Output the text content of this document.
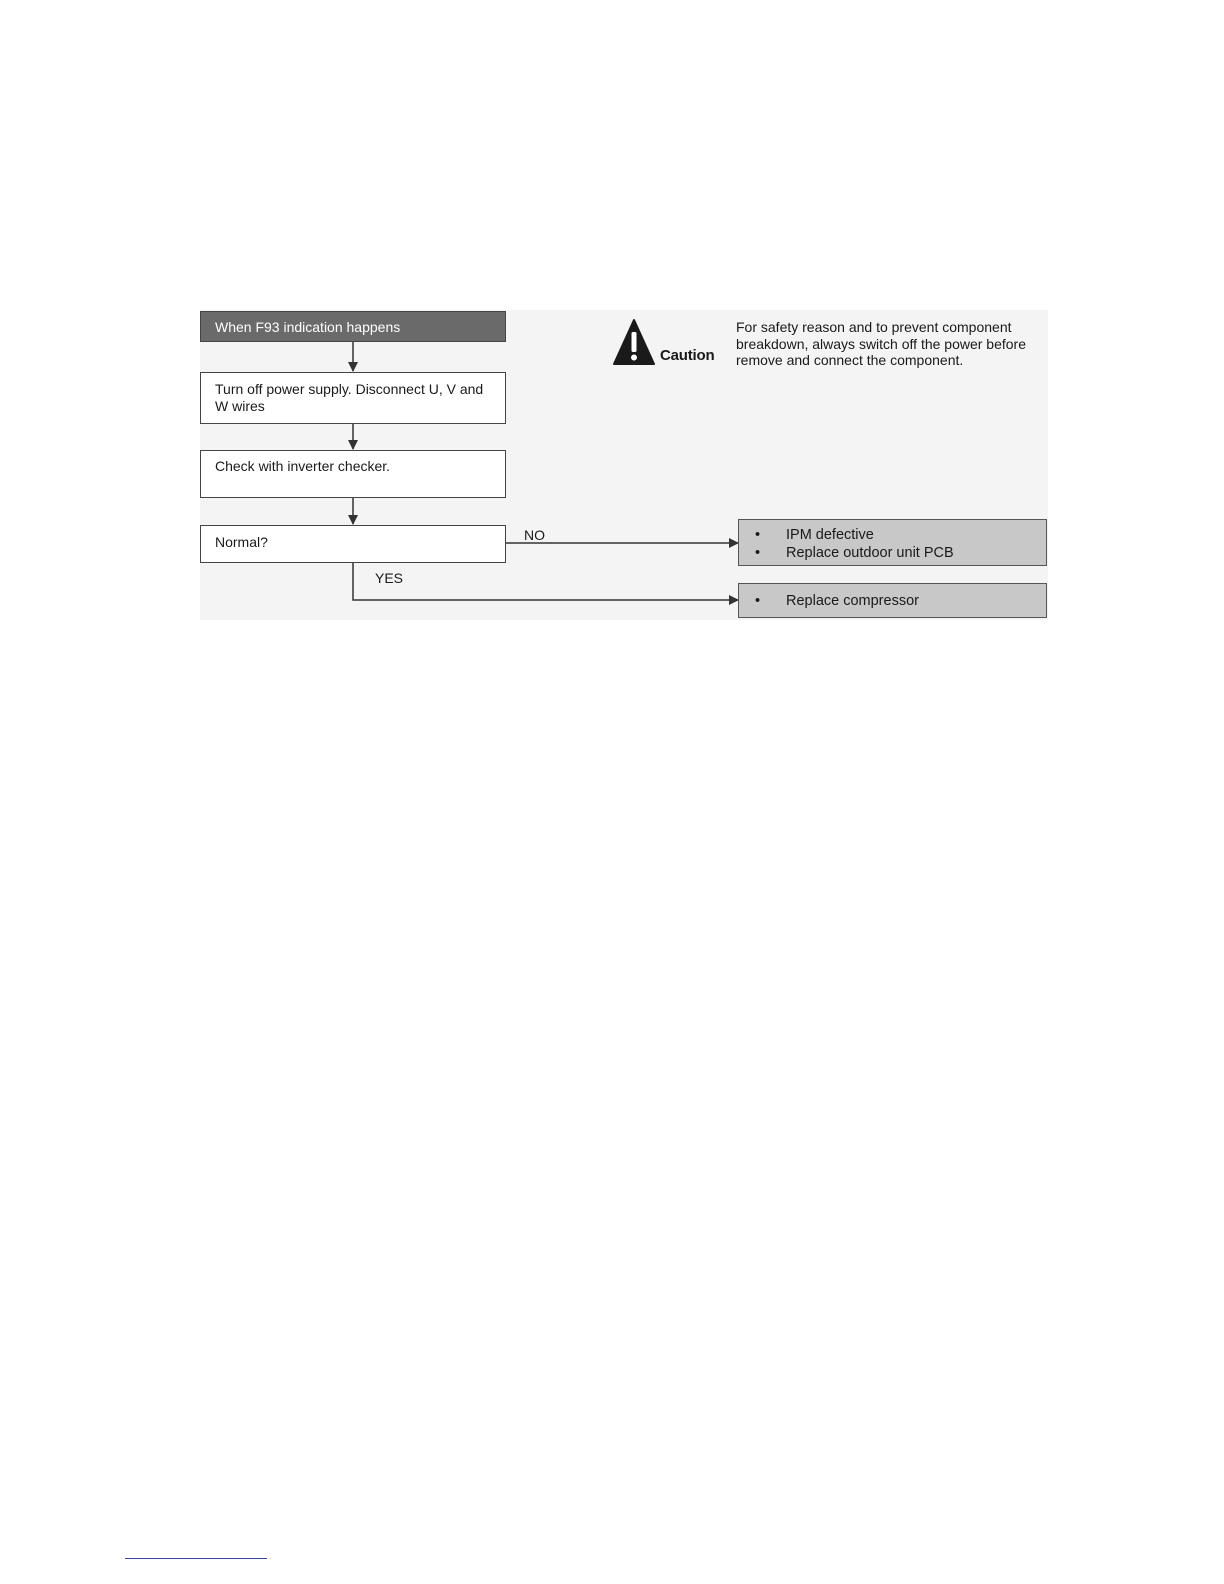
When F93 indication happens
Turn off power supply. Disconnect U, V and W wires
Check with inverter checker.
Normal?	NO
YES
• IPM defective
• Replace outdoor unit PCB
• Replace compressor
Caution
For safety reason and to prevent component breakdown, always switch off the power before remove and connect the component.
